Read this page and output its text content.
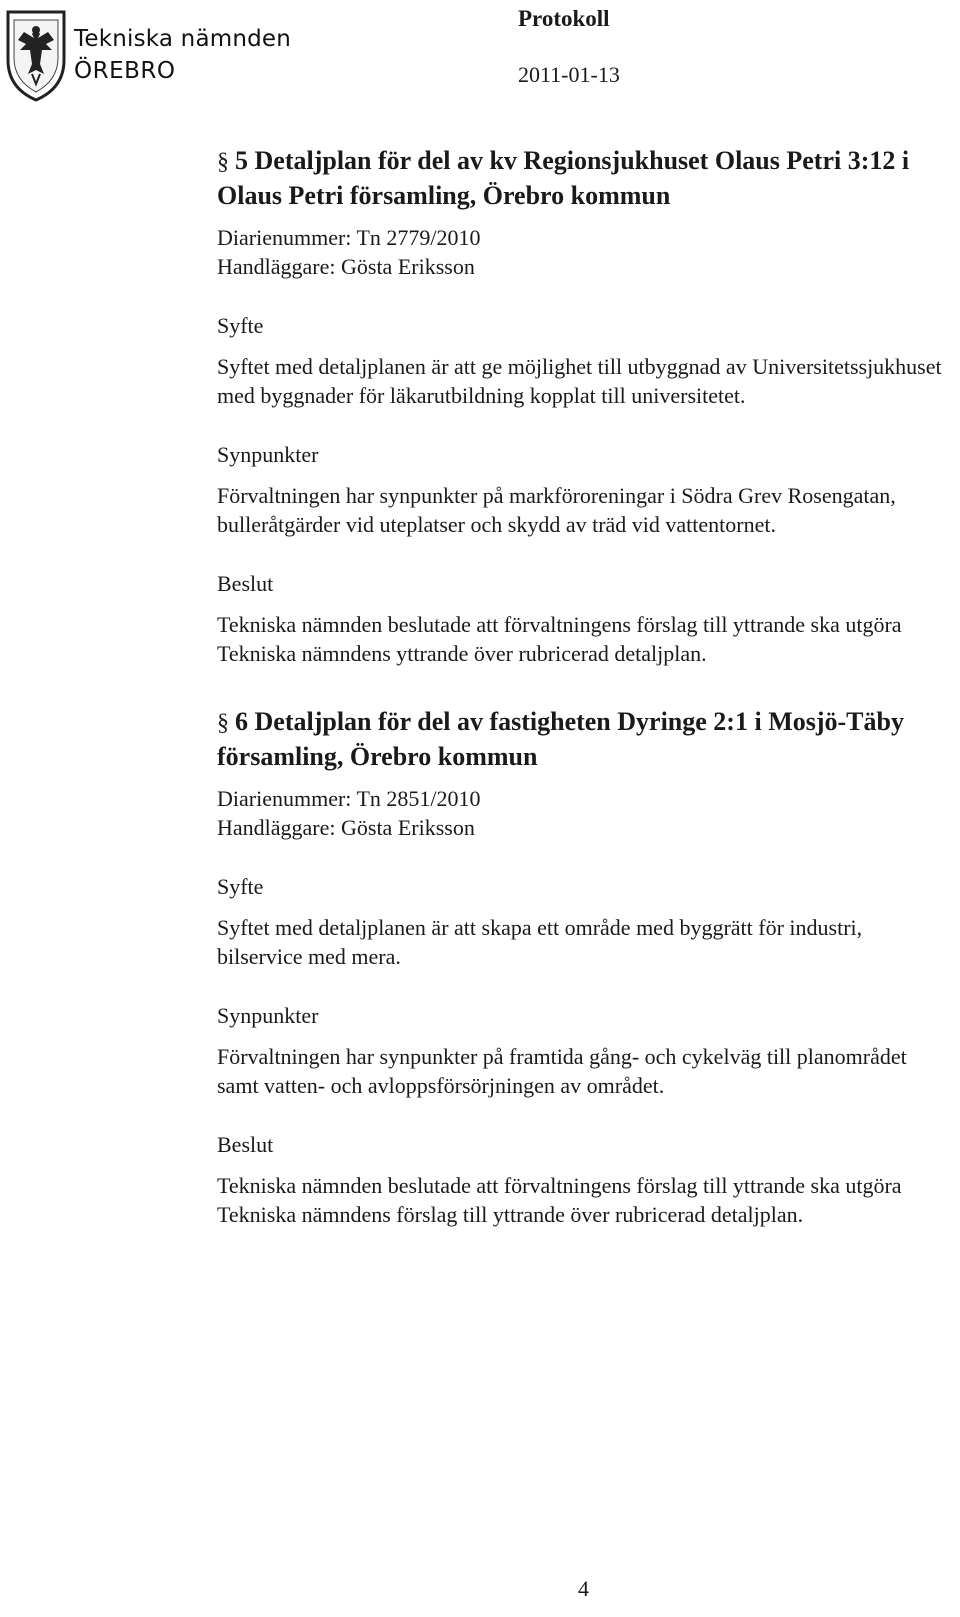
Tekniska nämnden
ÖREBRO
Protokoll
2011-01-13
§ 5 Detaljplan för del av kv Regionsjukhuset Olaus Petri 3:12 i Olaus Petri församling, Örebro kommun
Diarienummer: Tn 2779/2010
Handläggare: Gösta Eriksson
Syfte
Syftet med detaljplanen är att ge möjlighet till utbyggnad av Universitetssjukhuset med byggnader för läkarutbildning kopplat till universitetet.
Synpunkter
Förvaltningen har synpunkter på markföroreningar i Södra Grev Rosengatan, bulleråtgärder vid uteplatser och skydd av träd vid vattentornet.
Beslut
Tekniska nämnden beslutade att förvaltningens förslag till yttrande ska utgöra Tekniska nämndens yttrande över rubricerad detaljplan.
§ 6 Detaljplan för del av fastigheten Dyringe 2:1 i Mosjö-Täby församling, Örebro kommun
Diarienummer: Tn 2851/2010
Handläggare: Gösta Eriksson
Syfte
Syftet med detaljplanen är att skapa ett område med byggrätt för industri, bilservice med mera.
Synpunkter
Förvaltningen har synpunkter på framtida gång- och cykelväg till planområdet samt vatten- och avloppsförsörjningen av området.
Beslut
Tekniska nämnden beslutade att förvaltningens förslag till yttrande ska utgöra Tekniska nämndens förslag till yttrande över rubricerad detaljplan.
4
